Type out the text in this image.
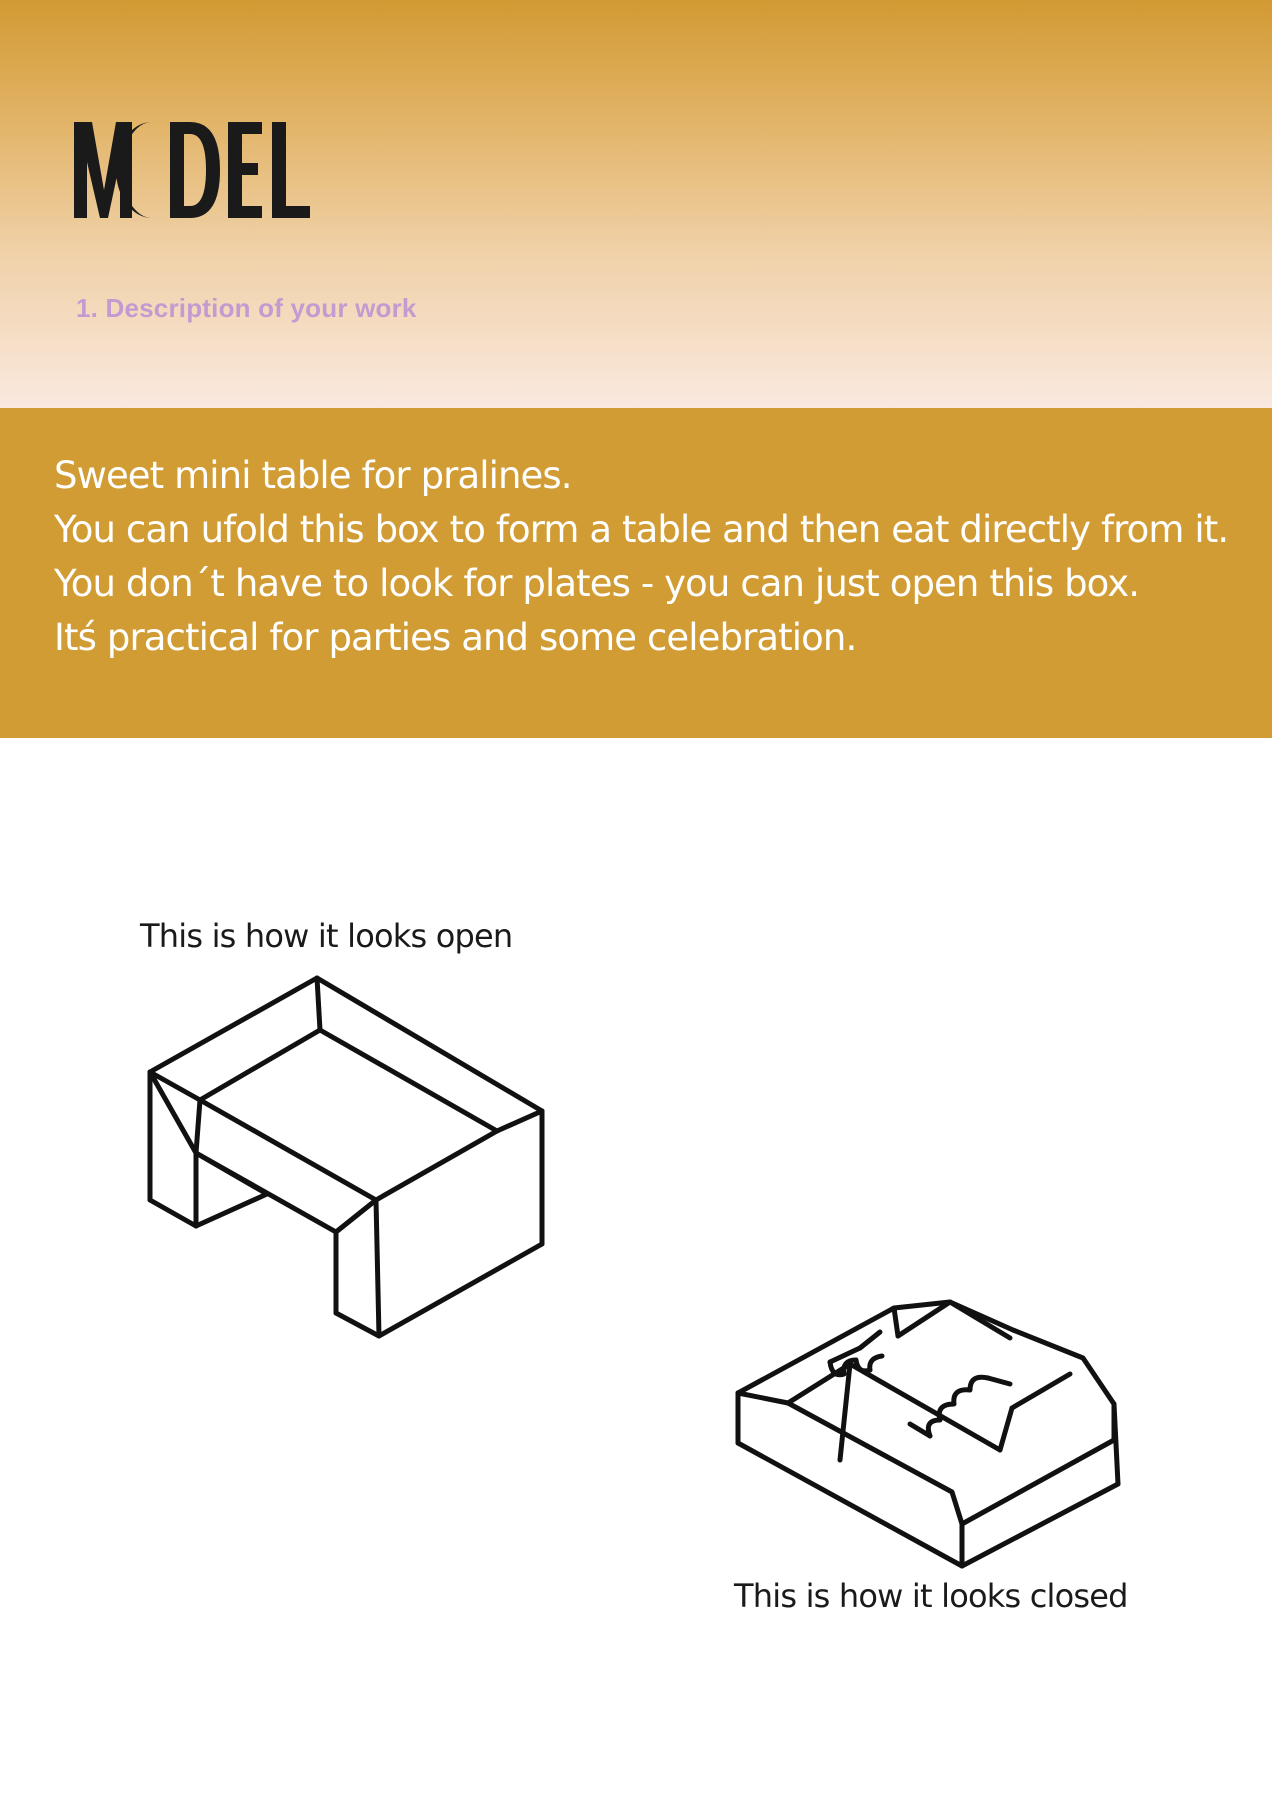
1. Description of your work
Sweet mini table for pralines.
You can ufold this box to form a table and then eat directly from it.
You don´t have to look for plates - you can just open this box.
Itś practical for parties and some celebration.
This is how it looks open
This is how it looks closed
